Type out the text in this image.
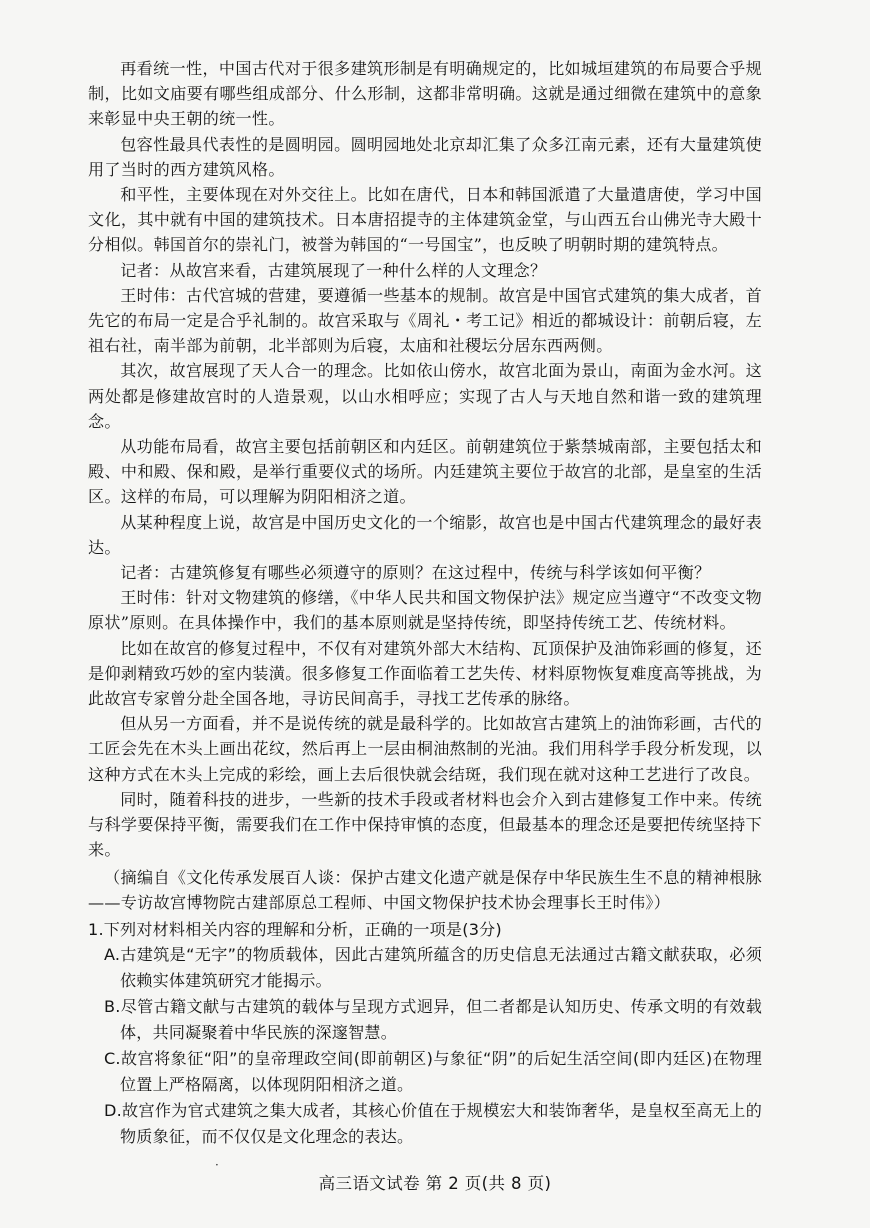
再看统一性，中国古代对于很多建筑形制是有明确规定的，比如城垣建筑的布局要合乎规制，比如文庙要有哪些组成部分、什么形制，这都非常明确。这就是通过细微在建筑中的意象来彰显中央王朝的统一性。

包容性最具代表性的是圆明园。圆明园地处北京却汇集了众多江南元素，还有大量建筑使用了当时的西方建筑风格。

和平性，主要体现在对外交往上。比如在唐代，日本和韩国派遣了大量遣唐使，学习中国文化，其中就有中国的建筑技术。日本唐招提寺的主体建筑金堂，与山西五台山佛光寺大殿十分相似。韩国首尔的崇礼门，被誉为韩国的“一号国宝”，也反映了明朝时期的建筑特点。

记者：从故宫来看，古建筑展现了一种什么样的人文理念？

王时伟：古代宫城的营建，要遵循一些基本的规制。故宫是中国官式建筑的集大成者，首先它的布局一定是合乎礼制的。故宫采取与《周礼・考工记》相近的都城设计：前朝后寝，左祖右社，南半部为前朝，北半部则为后寝，太庙和社稷坛分居东西两侧。

其次，故宫展现了天人合一的理念。比如依山傍水，故宫北面为景山，南面为金水河。这两处都是修建故宫时的人造景观，以山水相呼应；实现了古人与天地自然和谐一致的建筑理念。

从功能布局看，故宫主要包括前朝区和内廷区。前朝建筑位于紫禁城南部，主要包括太和殿、中和殿、保和殿，是举行重要仪式的场所。内廷建筑主要位于故宫的北部，是皇室的生活区。这样的布局，可以理解为阴阳相济之道。

从某种程度上说，故宫是中国历史文化的一个缩影，故宫也是中国古代建筑理念的最好表达。

记者：古建筑修复有哪些必须遵守的原则？在这过程中，传统与科学该如何平衡？

王时伟：针对文物建筑的修缮，《中华人民共和国文物保护法》规定应当遵守“不改变文物原状”原则。在具体操作中，我们的基本原则就是坚持传统，即坚持传统工艺、传统材料。

比如在故宫的修复过程中，不仅有对建筑外部大木结构、瓦顶保护及油饰彩画的修复，还是仰剥精致巧妙的室内装潢。很多修复工作面临着工艺失传、材料原物恢复难度高等挑战，为此故宫专家曾分赴全国各地，寻访民间高手，寻找工艺传承的脉络。

但从另一方面看，并不是说传统的就是最科学的。比如故宫古建筑上的油饰彩画，古代的工匠会先在木头上画出花纹，然后再上一层由桐油熬制的光油。我们用科学手段分析发现，以这种方式在木头上完成的彩绘，画上去后很快就会结斑，我们现在就对这种工艺进行了改良。

同时，随着科技的进步，一些新的技术手段或者材料也会介入到古建修复工作中来。传统与科学要保持平衡，需要我们在工作中保持审慎的态度，但最基本的理念还是要把传统坚持下来。

（摘编自《文化传承发展百人谈：保护古建文化遗产就是保存中华民族生生不息的精神根脉——专访故宫博物院古建部原总工程师、中国文物保护技术协会理事长王时伟》）

1.下列对材料相关内容的理解和分析，正确的一项是(3分)

A.古建筑是“无字”的物质载体，因此古建筑所蕴含的历史信息无法通过古籍文献获取，必须依赖实体建筑研究才能揭示。

B.尽管古籍文献与古建筑的载体与呈现方式迥异，但二者都是认知历史、传承文明的有效载体，共同凝聚着中华民族的深邃智慧。

C.故宫将象征“阳”的皇帝理政空间(即前朝区)与象征“阴”的后妃生活空间(即内廷区)在物理位置上严格隔离，以体现阴阳相济之道。

D.故宫作为官式建筑之集大成者，其核心价值在于规模宏大和装饰奢华，是皇权至高无上的物质象征，而不仅仅是文化理念的表达。

·
高三语文试卷 第 2 页(共 8 页)
